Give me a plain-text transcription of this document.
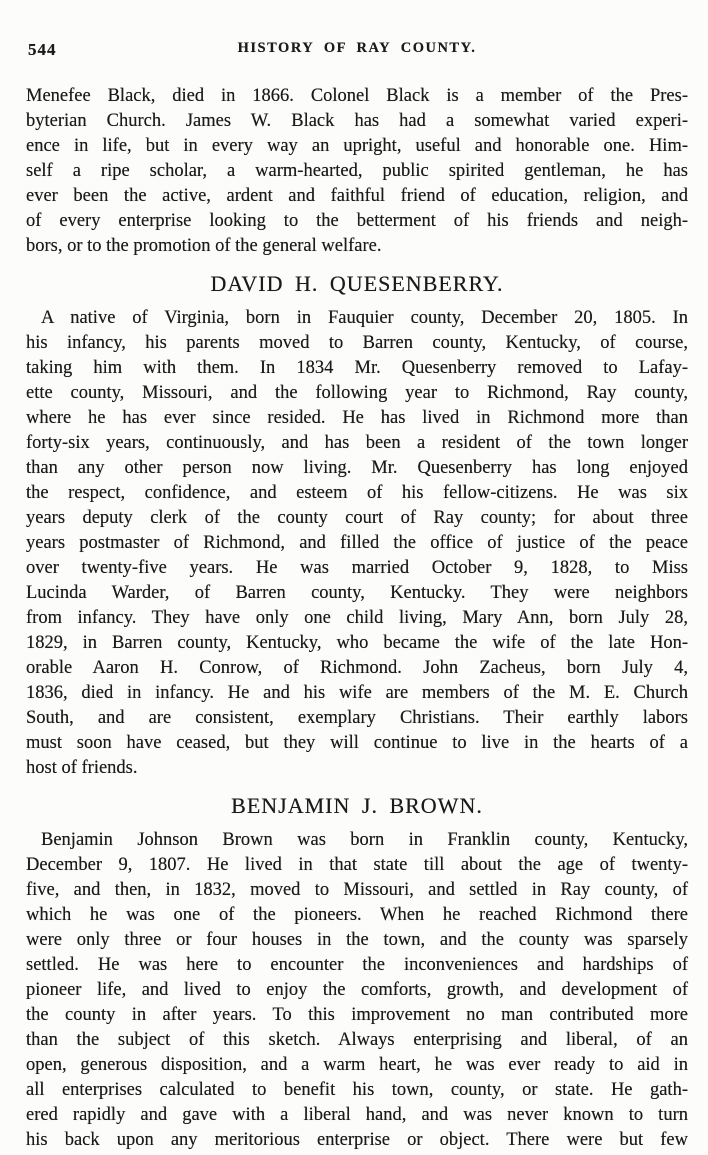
544	HISTORY OF RAY COUNTY.
Menefee Black, died in 1866. Colonel Black is a member of the Pres-
byterian Church. James W. Black has had a somewhat varied experi-
ence in life, but in every way an upright, useful and honorable one. Him-
self a ripe scholar, a warm-hearted, public spirited gentleman, he has
ever been the active, ardent and faithful friend of education, religion, and
of every enterprise looking to the betterment of his friends and neigh-
bors, or to the promotion of the general welfare.
DAVID H. QUESENBERRY.
A native of Virginia, born in Fauquier county, December 20, 1805. In
his infancy, his parents moved to Barren county, Kentucky, of course,
taking him with them. In 1834 Mr. Quesenberry removed to Lafay-
ette county, Missouri, and the following year to Richmond, Ray county,
where he has ever since resided. He has lived in Richmond more than
forty-six years, continuously, and has been a resident of the town longer
than any other person now living. Mr. Quesenberry has long enjoyed
the respect, confidence, and esteem of his fellow-citizens. He was six
years deputy clerk of the county court of Ray county; for about three
years postmaster of Richmond, and filled the office of justice of the peace
over twenty-five years. He was married October 9, 1828, to Miss
Lucinda Warder, of Barren county, Kentucky. They were neighbors
from infancy. They have only one child living, Mary Ann, born July 28,
1829, in Barren county, Kentucky, who became the wife of the late Hon-
orable Aaron H. Conrow, of Richmond. John Zacheus, born July 4,
1836, died in infancy. He and his wife are members of the M. E. Church
South, and are consistent, exemplary Christians. Their earthly labors
must soon have ceased, but they will continue to live in the hearts of a
host of friends.
BENJAMIN J. BROWN.
Benjamin Johnson Brown was born in Franklin county, Kentucky,
December 9, 1807. He lived in that state till about the age of twenty-
five, and then, in 1832, moved to Missouri, and settled in Ray county, of
which he was one of the pioneers. When he reached Richmond there
were only three or four houses in the town, and the county was sparsely
settled. He was here to encounter the inconveniences and hardships of
pioneer life, and lived to enjoy the comforts, growth, and development of
the county in after years. To this improvement no man contributed more
than the subject of this sketch. Always enterprising and liberal, of an
open, generous disposition, and a warm heart, he was ever ready to aid in
all enterprises calculated to benefit his town, county, or state. He gath-
ered rapidly and gave with a liberal hand, and was never known to turn
his back upon any meritorious enterprise or object. There were but few
